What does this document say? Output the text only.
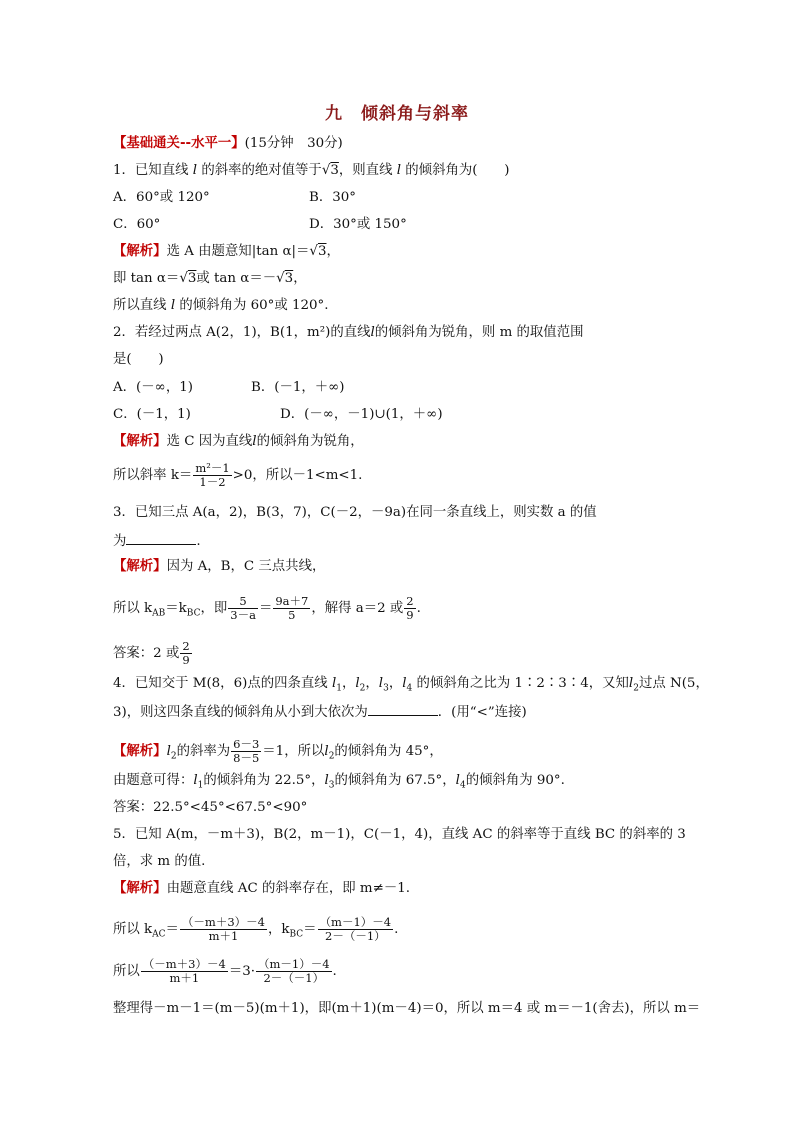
九　倾斜角与斜率
【基础通关--水平一】(15分钟　30分)
1．已知直线 l 的斜率的绝对值等于√3，则直线 l 的倾斜角为(　　)
A．60°或 120°	B．30°
C．60°	D．30°或 150°
【解析】选 A 由题意知|tan α|＝√3，
即 tan α＝√3或 tan α＝－√3，
所以直线 l 的倾斜角为 60°或 120°.
2．若经过两点 A(2，1)，B(1，m²)的直线l的倾斜角为锐角，则 m 的取值范围
是(　　)
A．(－∞，1)	B．(－1，＋∞)
C．(－1，1)	D．(－∞，－1)∪(1，＋∞)
【解析】选 C 因为直线l的倾斜角为锐角，
所以斜率 $k= \frac{\text{m²－1}}{1-2} >0$，所以－1<m<1.
3．已知三点 A(a，2)，B(3，7)，C(－2，－9a)在同一条直线上，则实数 a 的值
为	.
【解析】因为 A，B，C 三点共线，
所以 $k_{AB}=k_{BC}$，即 $\frac{5}{3-a} = \frac{9a+7}{5}$ ，解得 a＝2 或 $\frac{2}{9}$ .
答案：2 或 $\frac{2}{9}$
4．已知交于 M(8，6)点的四条直线 $l_1$，$l_2$，$l_3$，$l_4$ 的倾斜角之比为 1∶2∶3∶4，又知$l_2$过点 N(5，
3)，则这四条直线的倾斜角从小到大依次为	．(用“<”连接)
【解析】$l_2$的斜率为 $\frac{6-3}{8-5} =1$，所以$l_2$的倾斜角为 45°，
由题意可得：$l_1$的倾斜角为 22.5°，$l_3$的倾斜角为 67.5°，$l_4$的倾斜角为 90°.
答案：22.5°<45°<67.5°<90°
5．已知 A(m，－m＋3)，B(2，m－1)，C(－1，4)，直线 AC 的斜率等于直线 BC 的斜率的 3
倍，求 m 的值.
【解析】由题意直线 AC 的斜率存在，即 m≠－1.
所以 $k_{AC}= \frac{(-m+3)-4}{m+1}$ ，$k_{BC}= \frac{(m-1)-4}{2-(-1)}$ .
所以 $\frac{(-m+3)-4}{m+1} =3\cdot \frac{(m-1)-4}{2-(-1)}$ .
整理得－m－1＝(m－5)(m＋1)，即(m＋1)(m－4)＝0，所以 m＝4 或 m＝－1(舍去)，所以 m＝
